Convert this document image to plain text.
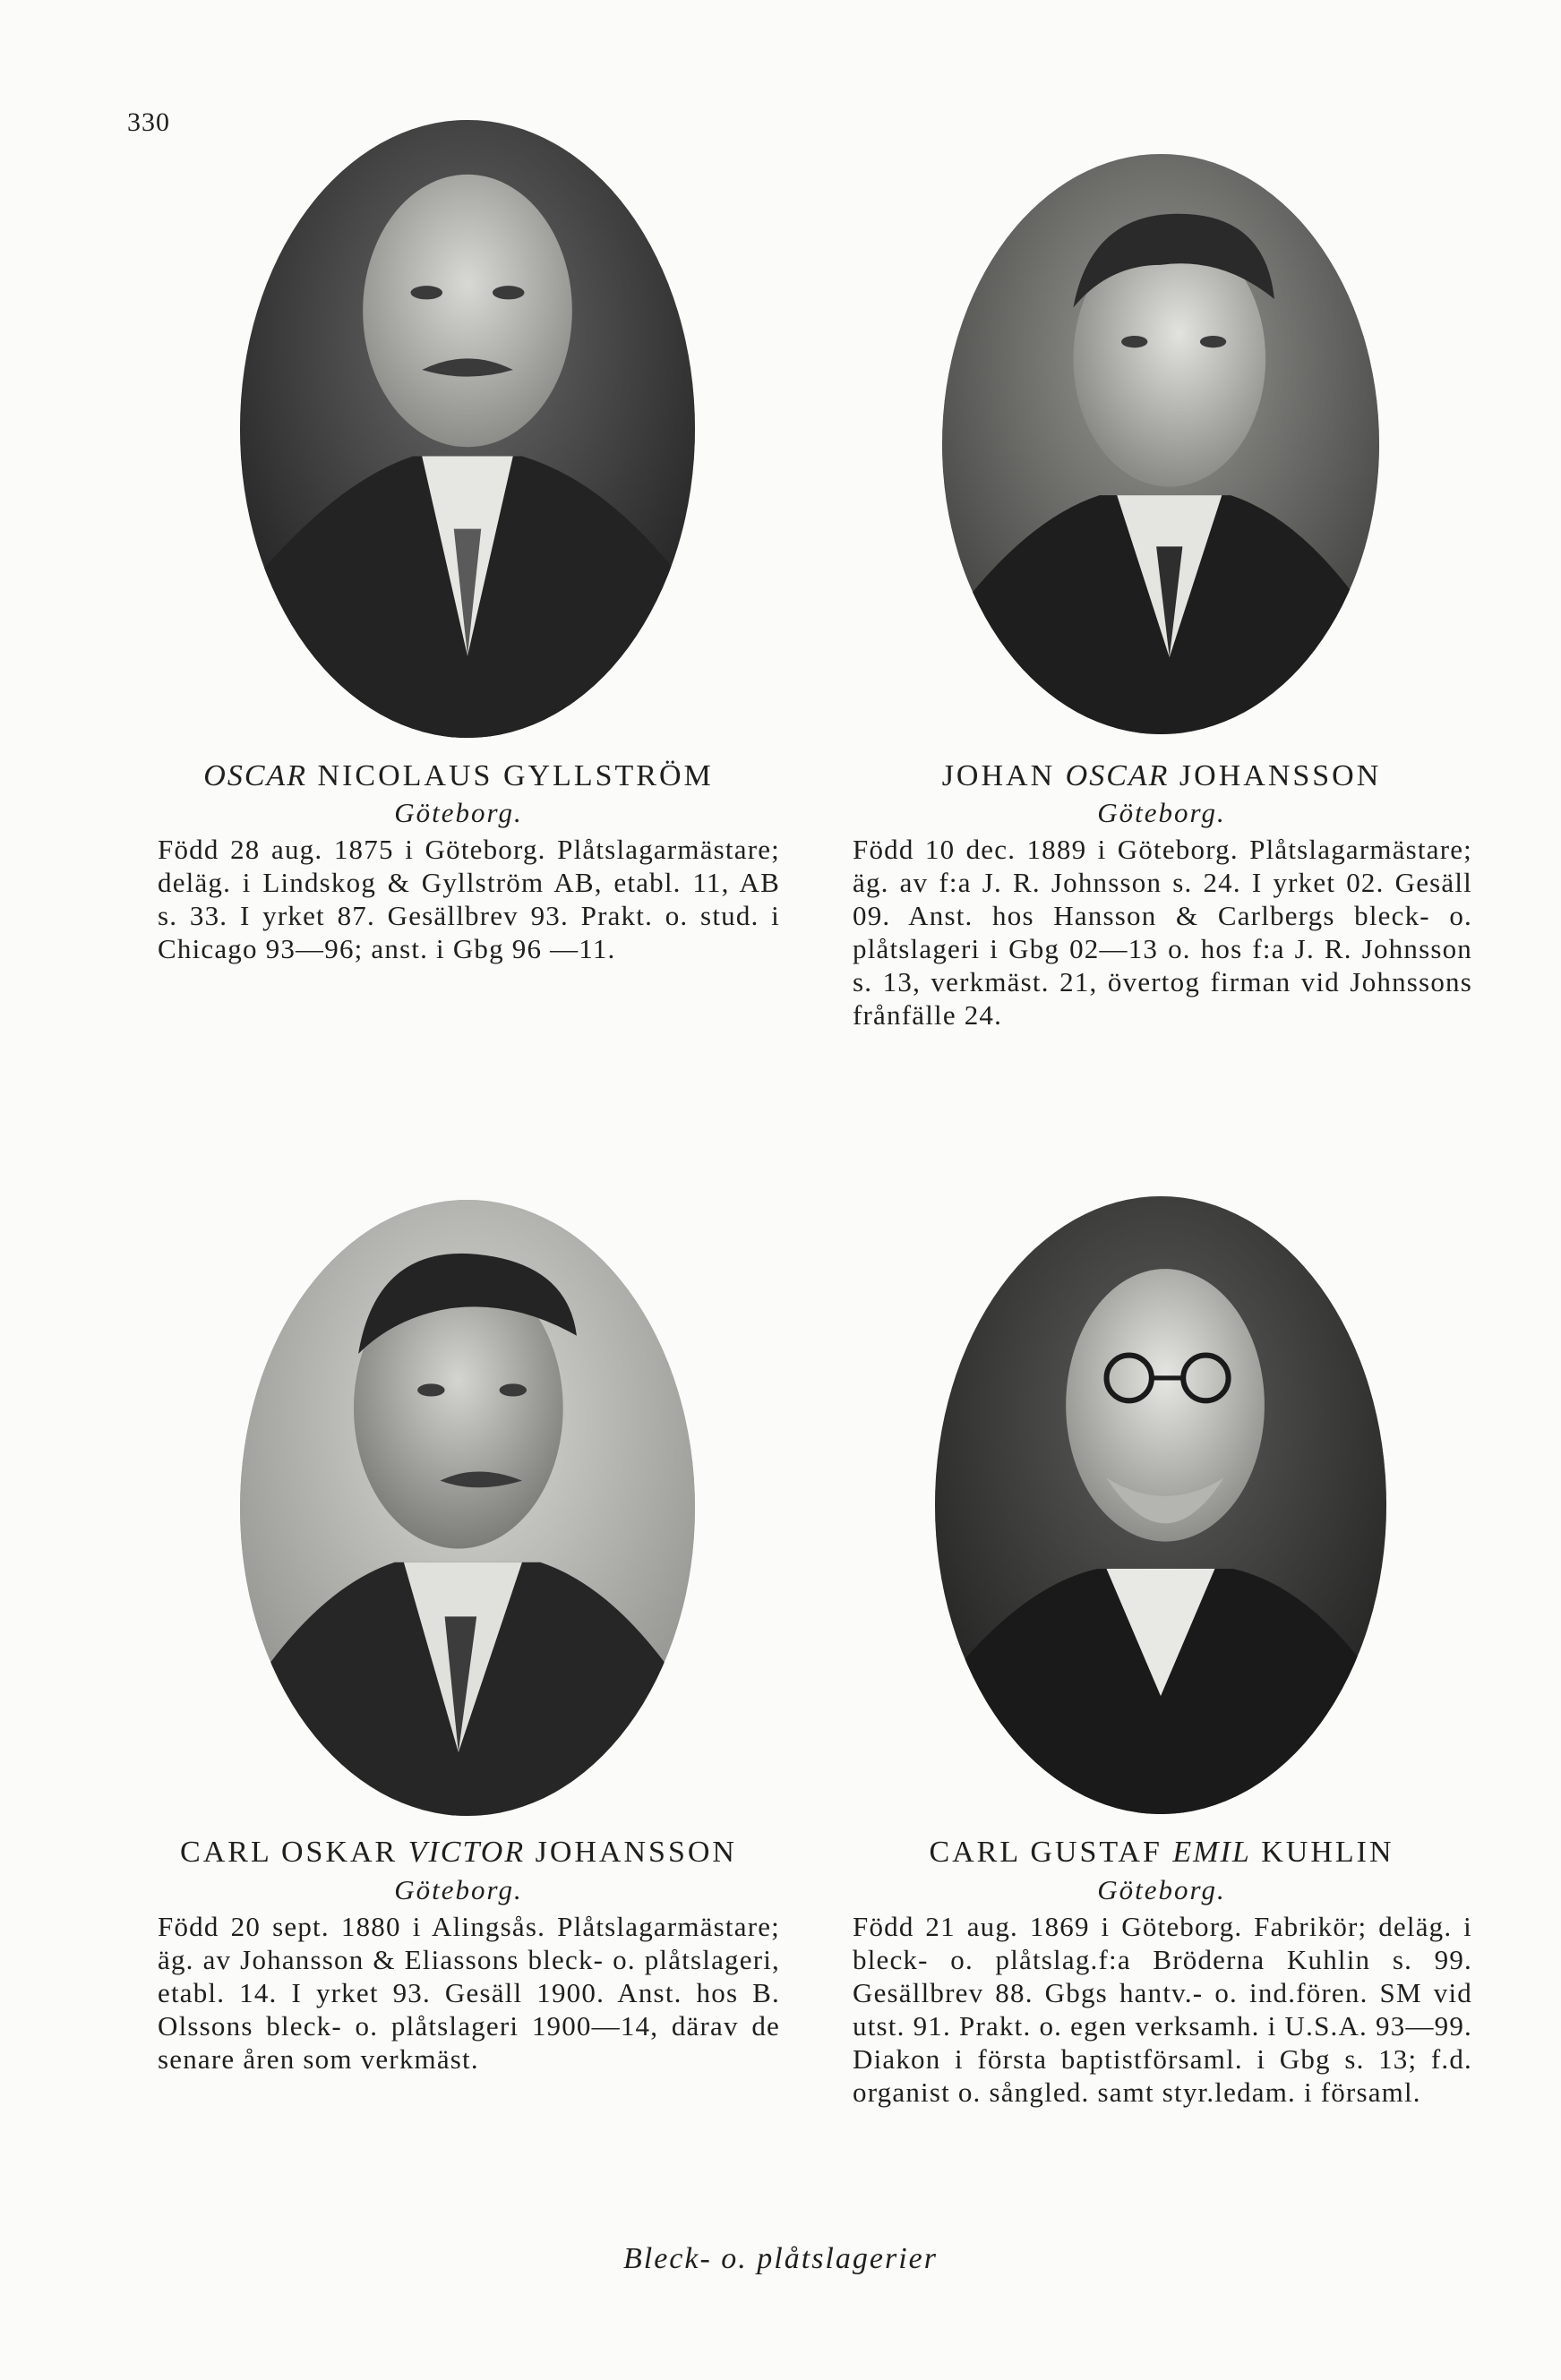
330
OSCAR NICOLAUS GYLLSTRÖM
Göteborg.
Född 28 aug. 1875 i Göteborg. Plåtslagarmästare; deläg. i Lindskog & Gyllström AB, etabl. 11, AB s. 33. I yrket 87. Gesällbrev 93. Prakt. o. stud. i Chicago 93—96; anst. i Gbg 96 —11.
JOHAN OSCAR JOHANSSON
Göteborg.
Född 10 dec. 1889 i Göteborg. Plåtslagarmästare; äg. av f:a J. R. Johnsson s. 24. I yrket 02. Gesäll 09. Anst. hos Hansson & Carlbergs bleck- o. plåtslageri i Gbg 02—13 o. hos f:a J. R. Johnsson s. 13, verkmäst. 21, övertog firman vid Johnssons frånfälle 24.
CARL OSKAR VICTOR JOHANSSON
Göteborg.
Född 20 sept. 1880 i Alingsås. Plåtslagarmästare; äg. av Johansson & Eliassons bleck- o. plåtslageri, etabl. 14. I yrket 93. Gesäll 1900. Anst. hos B. Olssons bleck- o. plåtslageri 1900—14, därav de senare åren som verkmäst.
CARL GUSTAF EMIL KUHLIN
Göteborg.
Född 21 aug. 1869 i Göteborg. Fabrikör; deläg. i bleck- o. plåtslag.f:a Bröderna Kuhlin s. 99. Gesällbrev 88. Gbgs hantv.- o. ind.fören. SM vid utst. 91. Prakt. o. egen verksamh. i U.S.A. 93—99. Diakon i första baptistförsaml. i Gbg s. 13; f.d. organist o. sångled. samt styr.ledam. i församl.
Bleck- o. plåtslagerier
